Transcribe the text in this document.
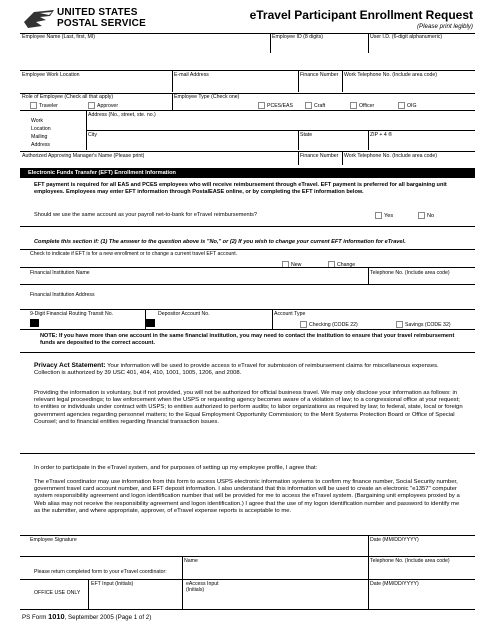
UNITED STATES
POSTAL SERVICE
eTravel Participant Enrollment Request
(Please print legibly)
Employee Name (Last, first, MI)	Employee ID (8 digits)	User I.D. (6-digit alphanumeric)
Employee Work Location	E-mail Address	Finance Number Work Telephone No. (Include area code)
Role of Employee (Check all that apply)	Employee Type (Check one)
Traveler	Approver	PCES/EAS	Craft	Officer	OIG
Work
Location
Mailing
Address
Address (No., street, ste. no.)
City	State	ZIP + 4 ®
Authorized Approving Manager's Name (Please print)	Finance Number Work Telephone No. (Include area code)
Electronic Funds Transfer (EFT) Enrollment Information
EFT payment is required for all EAS and PCES employees who will receive reimbursement through eTravel. EFT payment is preferred for all bargaining unit employees. Employees may enter EFT information through PostalEASE online, or by completing the EFT information below.
Should we use the same account as your payroll net-to-bank for eTravel reimbursements?	Yes	No
Complete this section if: (1) The answer to the question above is "No," or (2) If you wish to change your current EFT information for eTravel.
Check to indicate if EFT is for a new enrollment or to change a current travel EFT account.
New	Change
Financial Institution Name	Telephone No. (Include area code)
Financial Institution Address
9-Digit Financial Routing Transit No.	Depositor Account No.	Account Type
Checking (CODE 22)	Savings (CODE 32)
NOTE: If you have more than one account in the same financial institution, you may need to contact the institution to ensure that your travel reimbursement funds are deposited to the correct account.
Privacy Act Statement: Your information will be used to provide access to eTravel for submission of reimbursement claims for miscellaneous expenses. Collection is authorized by 39 USC 401, 404, 410, 1001, 1005, 1206, and 2008.
Providing the information is voluntary, but if not provided, you will not be authorized for official business travel. We may only disclose your information as follows: in relevant legal proceedings; to law enforcement when the USPS or requesting agency becomes aware of a violation of law; to a congressional office at your request; to entities or individuals under contract with USPS; to entities authorized to perform audits; to labor organizations as required by law; to federal, state, local or foreign government agencies regarding personnel matters; to the Equal Employment Opportunity Commission; to the Merit Systems Protection Board or Office of Special Counsel; and to financial entities regarding financial transaction issues.
In order to participate in the eTravel system, and for purposes of setting up my employee profile, I agree that:
The eTravel coordinator may use information from this form to access USPS electronic information systems to confirm my finance number, Social Security number, government travel card account number, and EFT deposit information. I also understand that this information will be used to create an electronic "e1357" computer system responsibility agreement and logon identification number that will be provided for me to access the eTravel system. (Bargaining unit employees proxied by a Web alias may not receive the responsibility agreement and logon identification.) I agree that the use of my logon identification number and password to identify me as the submitter, and where appropriate, approver, of eTravel expense reports is acceptable to me.
Employee Signature	Date (MM/DD/YYYY)
Please return completed form to your eTravel coordinator:
Name	Telephone No. (Include area code)
OFFICE USE ONLY
EFT Input (Initials)	eAccess Input
(Initials)
Date (MM/DD/YYYY)
PS Form 1010, September 2005 (Page 1 of 2)
